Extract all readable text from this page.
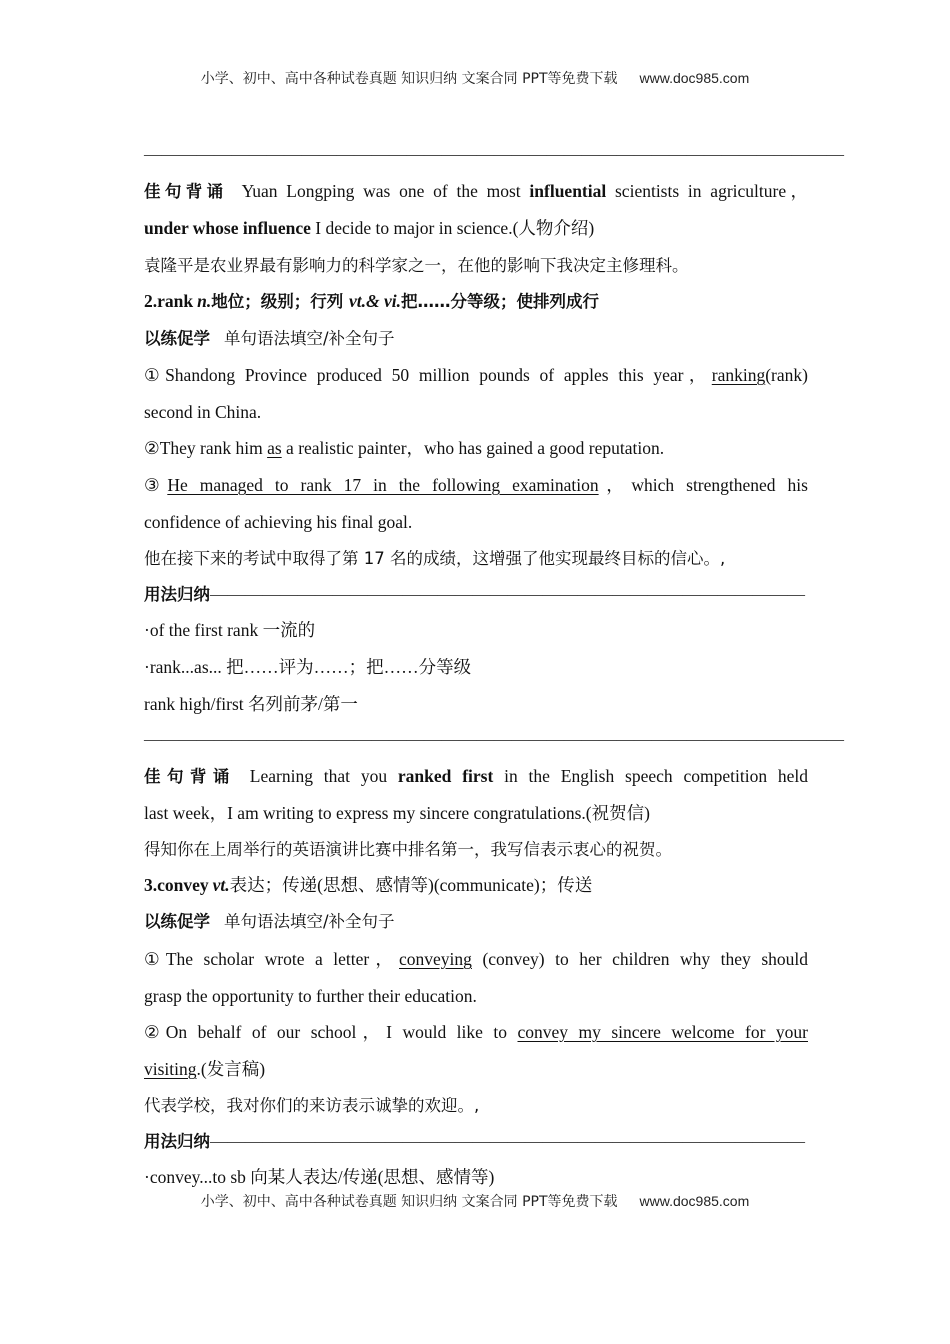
小学、初中、高中各种试卷真题 知识归纳 文案合同 PPT等免费下载 www.doc985.com
————————————————————————————————————————
佳句背诵 Yuan Longping was one of the most influential scientists in agriculture，
under whose influence I decide to major in science.(人物介绍)
袁隆平是农业界最有影响力的科学家之一，在他的影响下我决定主修理科。
2.rank n.地位；级别；行列 vt.& vi.把……分等级；使排列成行
以练促学 单句语法填空/补全句子
①Shandong Province produced 50 million pounds of apples this year，ranking(rank)
second in China.
②They rank him as a realistic painter，who has gained a good reputation.
③He managed to rank 17 in the following examination，which strengthened his
confidence of achieving his final goal.
他在接下来的考试中取得了第 17 名的成绩，这增强了他实现最终目标的信心。,
用法归纳——————————————————————————————————
·of the first rank 一流的
·rank...as... 把……评为……；把……分等级
rank high/first 名列前茅/第一
————————————————————————————————————————
佳句背诵 Learning that you ranked first in the English speech competition held
last week，I am writing to express my sincere congratulations.(祝贺信)
得知你在上周举行的英语演讲比赛中排名第一，我写信表示衷心的祝贺。
3.convey vt.表达；传递(思想、感情等)(communicate)；传送
以练促学 单句语法填空/补全句子
①The scholar wrote a letter，conveying (convey) to her children why they should
grasp the opportunity to further their education.
②On behalf of our school，I would like to convey my sincere welcome for your
visiting.(发言稿)
代表学校，我对你们的来访表示诚挚的欢迎。,
用法归纳——————————————————————————————————
·convey...to sb 向某人表达/传递(思想、感情等)
小学、初中、高中各种试卷真题 知识归纳 文案合同 PPT等免费下载 www.doc985.com
